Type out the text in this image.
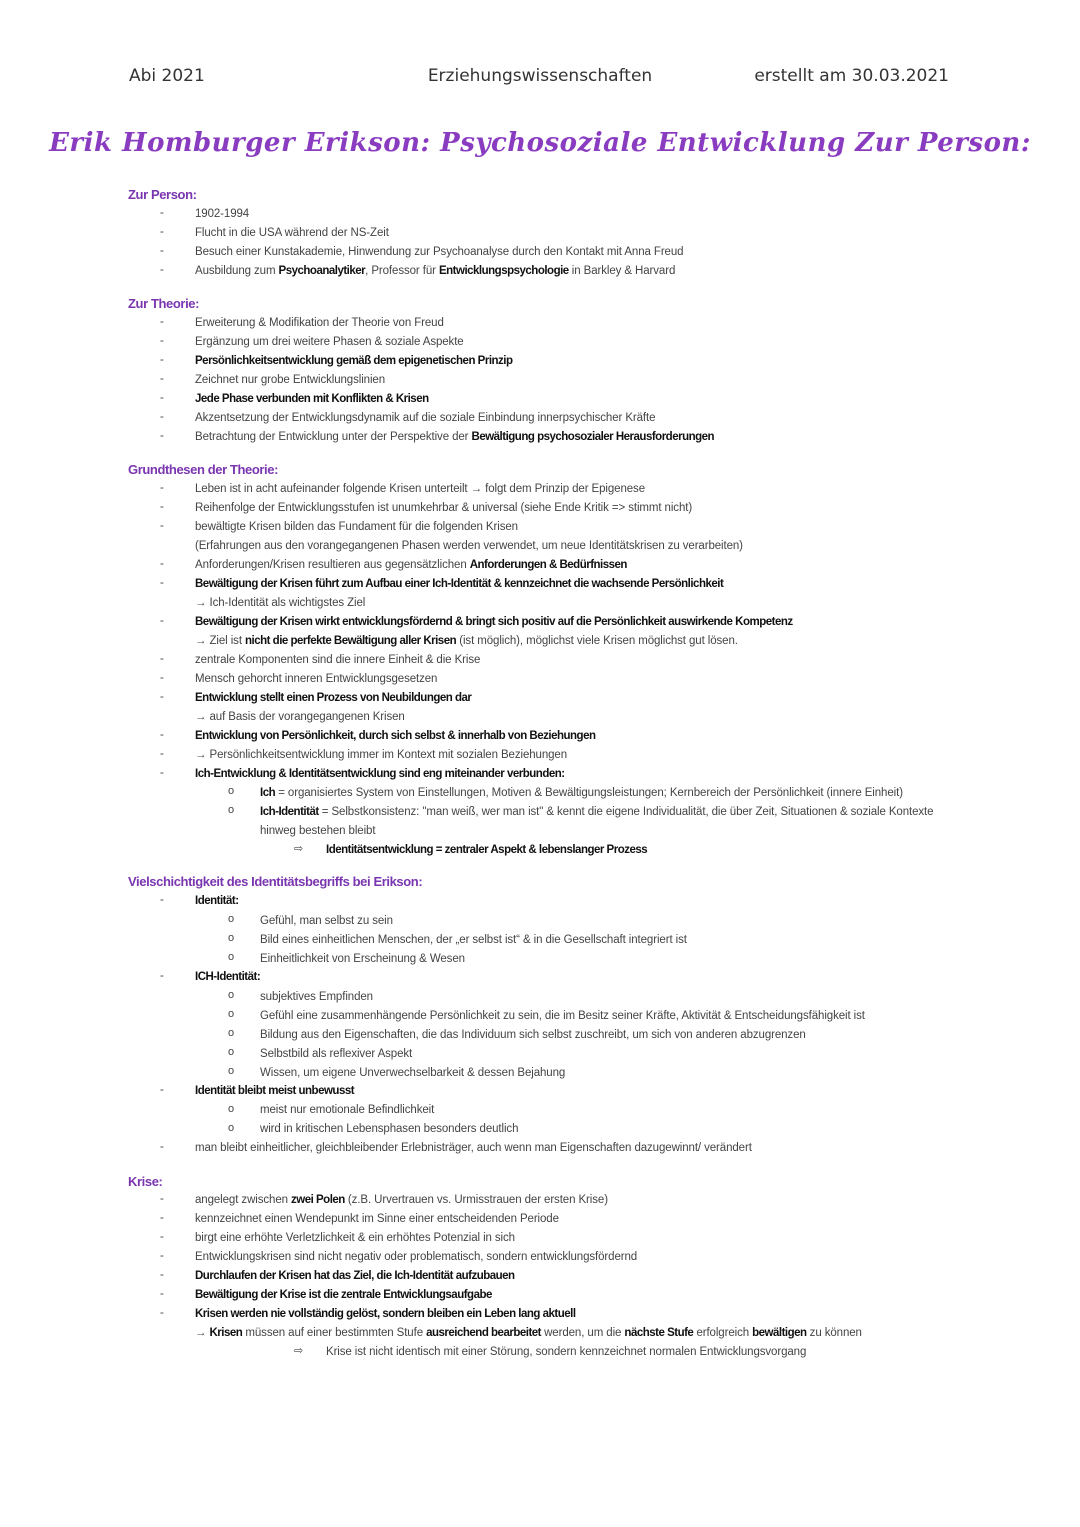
Abi 2021	Erziehungswissenschaften	erstellt am 30.03.2021
Erik Homburger Erikson: Psychosoziale Entwicklung Zur Person:
Zur Person:
-	1902-1994
-	Flucht in die USA während der NS-Zeit
-	Besuch einer Kunstakademie, Hinwendung zur Psychoanalyse durch den Kontakt mit Anna Freud
-	Ausbildung zum Psychoanalytiker, Professor für Entwicklungspsychologie in Barkley & Harvard
Zur Theorie:
-	Erweiterung & Modifikation der Theorie von Freud
-	Ergänzung um drei weitere Phasen & soziale Aspekte
-	Persönlichkeitsentwicklung gemäß dem epigenetischen Prinzip
-	Zeichnet nur grobe Entwicklungslinien
-	Jede Phase verbunden mit Konflikten & Krisen
-	Akzentsetzung der Entwicklungsdynamik auf die soziale Einbindung innerpsychischer Kräfte
-	Betrachtung der Entwicklung unter der Perspektive der Bewältigung psychosozialer Herausforderungen
Grundthesen der Theorie:
-	Leben ist in acht aufeinander folgende Krisen unterteilt → folgt dem Prinzip der Epigenese
-	Reihenfolge der Entwicklungsstufen ist unumkehrbar & universal (siehe Ende Kritik => stimmt nicht)
-	bewältigte Krisen bilden das Fundament für die folgenden Krisen
(Erfahrungen aus den vorangegangenen Phasen werden verwendet, um neue Identitätskrisen zu verarbeiten)
-	Anforderungen/Krisen resultieren aus gegensätzlichen Anforderungen & Bedürfnissen
-	Bewältigung der Krisen führt zum Aufbau einer Ich-Identität & kennzeichnet die wachsende Persönlichkeit
→ Ich-Identität als wichtigstes Ziel
-	Bewältigung der Krisen wirkt entwicklungsfördernd & bringt sich positiv auf die Persönlichkeit auswirkende Kompetenz
→ Ziel ist nicht die perfekte Bewältigung aller Krisen (ist möglich), möglichst viele Krisen möglichst gut lösen.
-	zentrale Komponenten sind die innere Einheit & die Krise
-	Mensch gehorcht inneren Entwicklungsgesetzen
-	Entwicklung stellt einen Prozess von Neubildungen dar
→ auf Basis der vorangegangenen Krisen
-	Entwicklung von Persönlichkeit, durch sich selbst & innerhalb von Beziehungen
-	→ Persönlichkeitsentwicklung immer im Kontext mit sozialen Beziehungen
-	Ich-Entwicklung & Identitätsentwicklung sind eng miteinander verbunden:
o Ich = organisiertes System von Einstellungen, Motiven & Bewältigungsleistungen; Kernbereich der Persönlichkeit (innere Einheit)
o Ich-Identität = Selbstkonsistenz: "man weiß, wer man ist" & kennt die eigene Individualität, die über Zeit, Situationen & soziale Kontexte
hinweg bestehen bleibt
⇨ Identitätsentwicklung = zentraler Aspekt & lebenslanger Prozess
Vielschichtigkeit des Identitätsbegriffs bei Erikson:
-	Identität:
o Gefühl, man selbst zu sein
o Bild eines einheitlichen Menschen, der „er selbst ist“ & in die Gesellschaft integriert ist
o Einheitlichkeit von Erscheinung & Wesen
-	ICH-Identität:
o subjektives Empfinden
o Gefühl eine zusammenhängende Persönlichkeit zu sein, die im Besitz seiner Kräfte, Aktivität & Entscheidungsfähigkeit ist
o Bildung aus den Eigenschaften, die das Individuum sich selbst zuschreibt, um sich von anderen abzugrenzen
o Selbstbild als reflexiver Aspekt
o Wissen, um eigene Unverwechselbarkeit & dessen Bejahung
-	Identität bleibt meist unbewusst
o meist nur emotionale Befindlichkeit
o wird in kritischen Lebensphasen besonders deutlich
-	man bleibt einheitlicher, gleichbleibender Erlebnisträger, auch wenn man Eigenschaften dazugewinnt/ verändert
Krise:
-	angelegt zwischen zwei Polen (z.B. Urvertrauen vs. Urmisstrauen der ersten Krise)
-	kennzeichnet einen Wendepunkt im Sinne einer entscheidenden Periode
-	birgt eine erhöhte Verletzlichkeit & ein erhöhtes Potenzial in sich
-	Entwicklungskrisen sind nicht negativ oder problematisch, sondern entwicklungsfördernd
-	Durchlaufen der Krisen hat das Ziel, die Ich-Identität aufzubauen
-	Bewältigung der Krise ist die zentrale Entwicklungsaufgabe
-	Krisen werden nie vollständig gelöst, sondern bleiben ein Leben lang aktuell
→ Krisen müssen auf einer bestimmten Stufe ausreichend bearbeitet werden, um die nächste Stufe erfolgreich bewältigen zu können
⇨ Krise ist nicht identisch mit einer Störung, sondern kennzeichnet normalen Entwicklungsvorgang
